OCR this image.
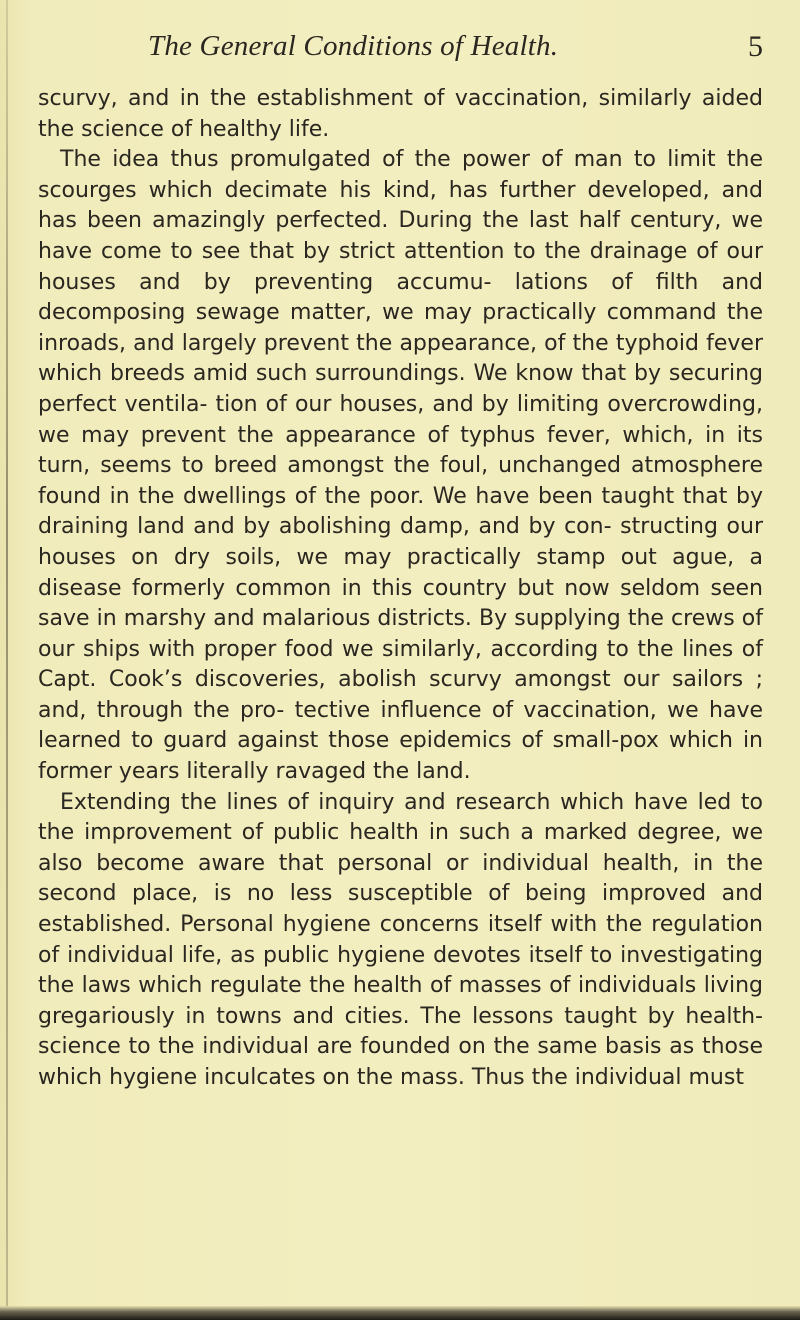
The General Conditions of Health.	5

scurvy, and in the establishment of vaccination, similarly aided the science of healthy life.

The idea thus promulgated of the power of man to limit the scourges which decimate his kind, has further developed, and has been amazingly perfected. During the last half century, we have come to see that by strict attention to the drainage of our houses and by preventing accumu- lations of filth and decomposing sewage matter, we may practically command the inroads, and largely prevent the appearance, of the typhoid fever which breeds amid such surroundings. We know that by securing perfect ventila- tion of our houses, and by limiting overcrowding, we may prevent the appearance of typhus fever, which, in its turn, seems to breed amongst the foul, unchanged atmosphere found in the dwellings of the poor. We have been taught that by draining land and by abolishing damp, and by con- structing our houses on dry soils, we may practically stamp out ague, a disease formerly common in this country but now seldom seen save in marshy and malarious districts. By supplying the crews of our ships with proper food we similarly, according to the lines of Capt. Cook’s discoveries, abolish scurvy amongst our sailors ; and, through the pro- tective influence of vaccination, we have learned to guard against those epidemics of small-pox which in former years literally ravaged the land.

Extending the lines of inquiry and research which have led to the improvement of public health in such a marked degree, we also become aware that personal or individual health, in the second place, is no less susceptible of being improved and established. Personal hygiene concerns itself with the regulation of individual life, as public hygiene devotes itself to investigating the laws which regulate the health of masses of individuals living gregariously in towns and cities. The lessons taught by health-science to the individual are founded on the same basis as those which hygiene inculcates on the mass. Thus the individual must
